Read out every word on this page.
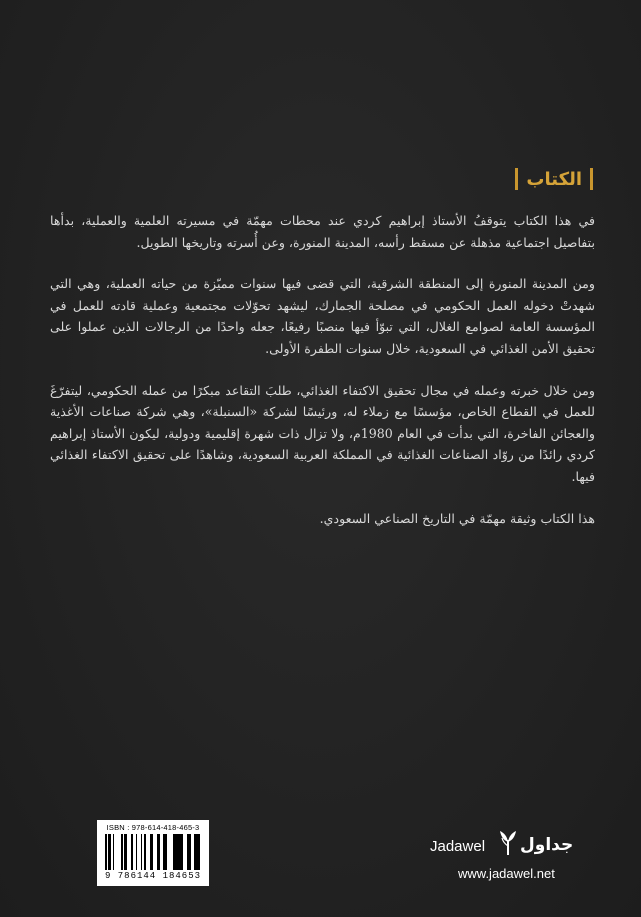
الكتاب

في هذا الكتاب يتوقفُ الأستاذ إبراهيم كردي عند محطات مهمّة في مسيرته العلمية والعملية، بدأها بتفاصيل اجتماعية مذهلة عن مسقط رأسه، المدينة المنورة، وعن أُسرته وتاريخها الطويل.

ومن المدينة المنورة إلى المنطقة الشرقية، التي قضى فيها سنوات مميّزة من حياته العملية، وهي التي شهدتْ دخوله العمل الحكومي في مصلحة الجمارك، ليشهد تحوّلات مجتمعية وعملية قادته للعمل في المؤسسة العامة لصوامع الغلال، التي تبوّأ فيها منصبًا رفيعًا، جعله واحدًا من الرجالات الذين عملوا على تحقيق الأمن الغذائي في السعودية، خلال سنوات الطفرة الأولى.

ومن خلال خبرته وعمله في مجال تحقيق الاكتفاء الغذائي، طلبَ التقاعد مبكرًا من عمله الحكومي، ليتفرّغَ للعمل في القطاع الخاص، مؤسسًا مع زملاء له، ورئيسًا لشركة «السنبلة»، وهي شركة صناعات الأغذية والعجائن الفاخرة، التي بدأت في العام 1980م، ولا تزال ذات شهرة إقليمية ودولية، ليكون الأستاذ إبراهيم كردي رائدًا من روّاد الصناعات الغذائية في المملكة العربية السعودية، وشاهدًا على تحقيق الاكتفاء الغذائي فيها.

هذا الكتاب وثيقة مهمّة في التاريخ الصناعي السعودي.

ISBN : 978-614-418-465-3
9 786144 184653
Jadawel جداول
www.jadawel.net
